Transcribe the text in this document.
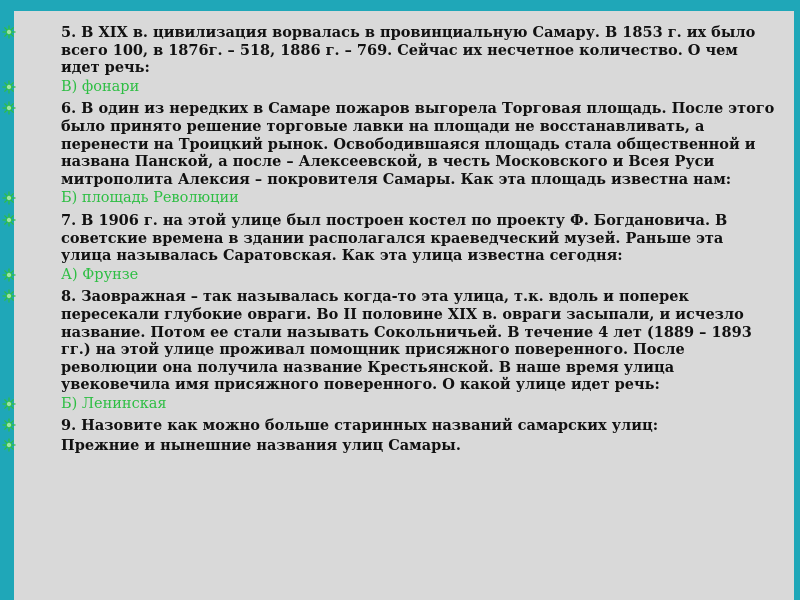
5. В XIX в. цивилизация ворвалась в провинциальную Самару. В 1853 г. их было всего 100, в 1876г. – 518, 1886 г. – 769. Сейчас их несчетное количество. О чем идет речь:
В) фонари
6. В один из нередких в Самаре пожаров выгорела Торговая площадь. После этого было принято решение торговые лавки на площади не восстанавливать, а перенести на Троицкий рынок. Освободившаяся площадь стала общественной и названа Панской, а после – Алексеевской, в честь Московского и Всея Руси митрополита Алексия – покровителя Самары. Как эта площадь известна нам:
Б) площадь Революции
7. В 1906 г. на этой улице был построен костел по проекту Ф. Богдановича. В советские времена в здании располагался краеведческий музей. Раньше эта улица называлась Саратовская. Как эта улица известна сегодня:
А) Фрунзе
8. Заовражная – так называлась когда-то эта улица, т.к. вдоль и поперек пересекали глубокие овраги. Во II половине XIX в. овраги засыпали, и исчезло название. Потом ее стали называть Сокольничьей. В течение 4 лет (1889 – 1893 гг.) на этой улице проживал помощник присяжного поверенного. После революции она получила название Крестьянской. В наше время улица увековечила имя присяжного поверенного. О какой улице идет речь:
Б) Ленинская
9. Назовите как можно больше старинных названий самарских улиц:
Прежние и нынешние названия улиц Самары.
